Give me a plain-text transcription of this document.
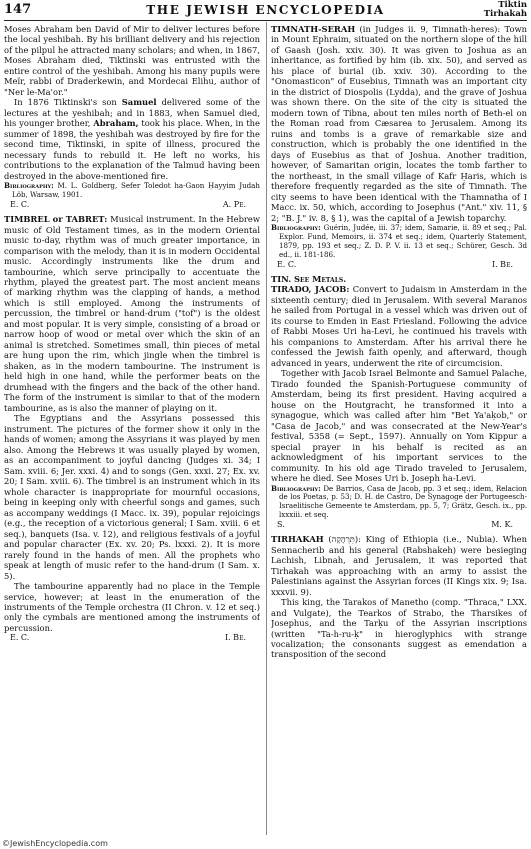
147	THE JEWISH ENCYCLOPEDIA	Tiktin
Tirhakah

Moses Abraham ben David of Mir to deliver lectures before the local yeshibah. By his brilliant delivery and his rejection of the pilpul he attracted many scholars; and when, in 1867, Moses Abraham died, Tiktinski was entrusted with the entire control of the yeshibah. Among his many pupils were Meïr, rabbi of Draderkewin, and Mordecai Elihu, author of "Ner le-Ma'or."

In 1876 Tiktinski's son Samuel delivered some of the lectures at the yeshibah; and in 1883, when Samuel died, his younger brother, Abraham, took his place. When, in the summer of 1898, the yeshibah was destroyed by fire for the second time, Tiktinski, in spite of illness, procured the necessary funds to rebuild it. He left no works, his contributions to the explanation of the Talmud having been destroyed in the above-mentioned fire.

Bibliography: M. L. Goldberg, Sefer Toledot ha-Gaon Ḥayyim Judah Löb, Warsaw, 1901.

E. C.	A. Pe.

TIMBREL or TABRET: Musical instrument. In the Hebrew music of Old Testament times, as in the modern Oriental music to-day, rhythm was of much greater importance, in comparison with the melody, than it is in modern Occidental music. Accordingly instruments like the drum and tambourine, which serve principally to accentuate the rhythm, played the greatest part. The most ancient means of marking rhythm was the clapping of hands, a method which is still employed. Among the instruments of percussion, the timbrel or hand-drum ("tof") is the oldest and most popular. It is very simple, consisting of a broad or narrow hoop of wood or metal over which the skin of an animal is stretched. Sometimes small, thin pieces of metal are hung upon the rim, which jingle when the timbrel is shaken, as in the modern tambourine. The instrument is held high in one hand, while the performer beats on the drumhead with the fingers and the back of the other hand. The form of the instrument is similar to that of the modern tambourine, as is also the manner of playing on it.

The Egyptians and the Assyrians possessed this instrument. The pictures of the former show it only in the hands of women; among the Assyrians it was played by men also. Among the Hebrews it was usually played by women, as an accompaniment to joyful dancing (Judges xi. 34; I Sam. xviii. 6; Jer. xxxi. 4) and to songs (Gen. xxxi. 27; Ex. xv. 20; I Sam. xviii. 6). The timbrel is an instrument which in its whole character is inappropriate for mournful occasions, being in keeping only with cheerful songs and games, such as accompany weddings (I Macc. ix. 39), popular rejoicings (e.g., the reception of a victorious general; I Sam. xviii. 6 et seq.), banquets (Isa. v. 12), and religious festivals of a joyful and popular character (Ex. xv. 20; Ps. lxxxi. 2). It is more rarely found in the hands of men. All the prophets who speak at length of music refer to the hand-drum (I Sam. x. 5).

The tambourine apparently had no place in the Temple service, however; at least in the enumeration of the instruments of the Temple orchestra (II Chron. v. 12 et seq.) only the cymbals are mentioned among the instruments of percussion.

E. C.	I. Be.

TIMNATH-SERAH (in Judges ii. 9, Timnath-heres): Town in Mount Ephraim, situated on the northern slope of the hill of Gaash (Josh. xxiv. 30). It was given to Joshua as an inheritance, as fortified by him (ib. xix. 50), and served as his place of burial (ib. xxiv. 30). According to the "Onomasticon" of Eusebius, Timnath was an important city in the district of Diospolis (Lydda), and the grave of Joshua was shown there. On the site of the city is situated the modern town of Tibna, about ten miles north of Beth-el on the Roman road from Cæsarea to Jerusalem. Among its ruins and tombs is a grave of remarkable size and construction, which is probably the one identified in the days of Eusebius as that of Joshua. Another tradition, however, of Samaritan origin, locates the tomb farther to the northeast, in the small village of Kafr Ḥaris, which is therefore frequently regarded as the site of Timnath. The city seems to have been identical with the Thamnatha of I Macc. ix. 50, which, according to Josephus ("Ant." xiv. 11, § 2; "B. J." iv. 8, § 1), was the capital of a Jewish toparchy.

Bibliography: Guérin, Judée, iii. 37; idem, Samarie, ii. 89 et seq.; Pal. Explor. Fund, Memoirs, ii. 374 et seq.; idem, Quarterly Statement, 1879, pp. 193 et seq.; Z. D. P. V. ii. 13 et seq.; Schürer, Gesch. 3d ed., ii. 181-186.

E. C.	I. Be.

TIN. See Metals.

TIRADO, JACOB: Convert to Judaism in Amsterdam in the sixteenth century; died in Jerusalem. With several Maranos he sailed from Portugal in a vessel which was driven out of its course to Emden in East Friesland. Following the advice of Rabbi Moses Uri ha-Levi, he continued his travels with his companions to Amsterdam. After his arrival there he confessed the Jewish faith openly, and afterward, though advanced in years, underwent the rite of circumcision.

Together with Jacob Israel Belmonte and Samuel Palache, Tirado founded the Spanish-Portuguese community of Amsterdam, being its first president. Having acquired a house on the Houtgracht, he transformed it into a synagogue, which was called after him "Bet Ya'aḳob," or "Casa de Jacob," and was consecrated at the New-Year's festival, 5358 (= Sept., 1597). Annually on Yom Kippur a special prayer in his behalf is recited as an acknowledgment of his important services to the community. In his old age Tirado traveled to Jerusalem, where he died. See Moses Uri b. Joseph ha-Levi.

Bibliography: De Barrios, Casa de Jacob, pp. 3 et seq.; idem, Relacion de los Poetas, p. 53; D. H. de Castro, De Synagoge der Portugeesch-Israelitische Gemeente te Amsterdam, pp. 5, 7; Grätz, Gesch. ix., pp. lxxxiii. et seq.

S.	M. K.

TIRHAKAH (תִּרְהָקָה): King of Ethiopia (i.e., Nubia). When Sennacherib and his general (Rabshakeh) were besieging Lachish, Libnah, and Jerusalem, it was reported that Tirhakah was approaching with an army to assist the Palestinians against the Assyrian forces (II Kings xix. 9; Isa. xxxvii. 9).

This king, the Tarakos of Manetho (comp. "Thraca," LXX. and Vulgate), the Tearkos of Strabo, the Tharsikes of Josephus, and the Tarḳu of the Assyrian inscriptions (written "Ta-h-ru-ḳ" in hieroglyphics with strange vocalization; the consonants suggest as emendation a transposition of the second

©JewishEncyclopedia.com
